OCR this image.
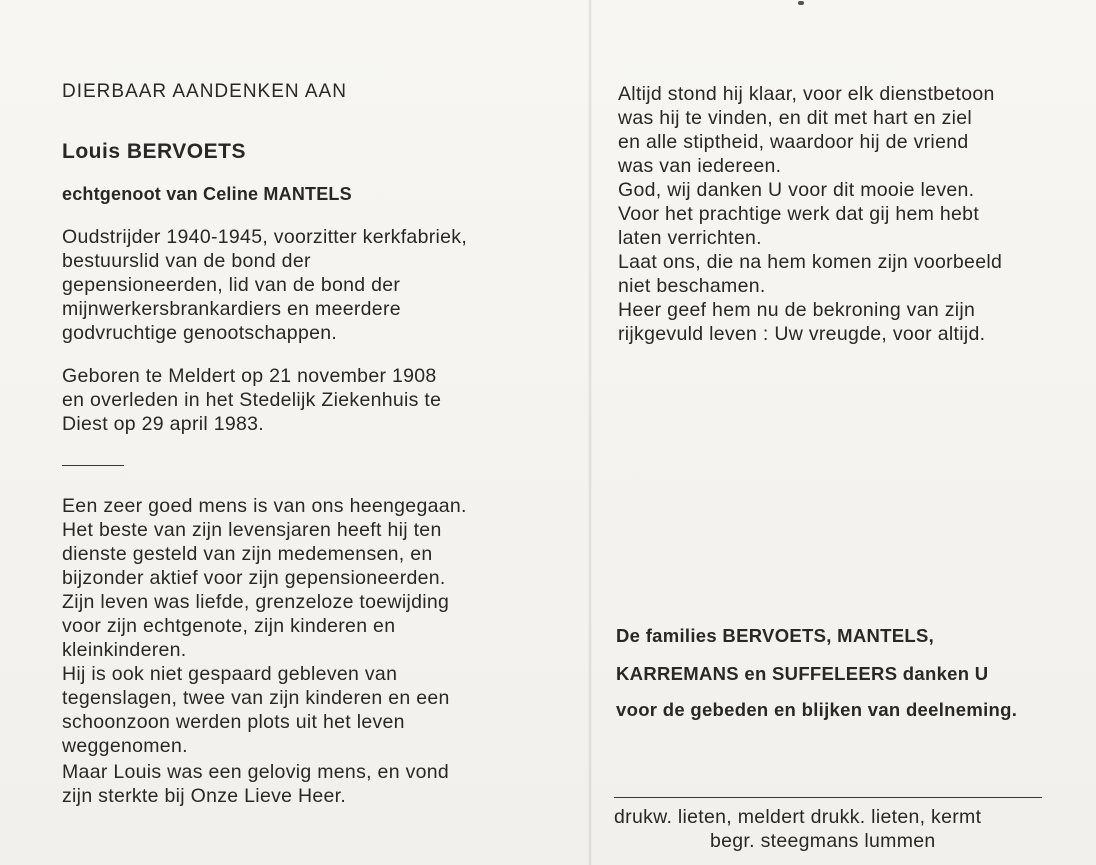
DIERBAAR AANDENKEN AAN
Louis BERVOETS
echtgenoot van Celine MANTELS
Oudstrijder 1940-1945, voorzitter kerkfabriek,
bestuurslid van de bond der
gepensioneerden, lid van de bond der
mijnwerkersbrankardiers en meerdere
godvruchtige genootschappen.
Geboren te Meldert op 21 november 1908
en overleden in het Stedelijk Ziekenhuis te
Diest op 29 april 1983.
Een zeer goed mens is van ons heengegaan.
Het beste van zijn levensjaren heeft hij ten
dienste gesteld van zijn medemensen, en
bijzonder aktief voor zijn gepensioneerden.
Zijn leven was liefde, grenzeloze toewijding
voor zijn echtgenote, zijn kinderen en
kleinkinderen.
Hij is ook niet gespaard gebleven van
tegenslagen, twee van zijn kinderen en een
schoonzoon werden plots uit het leven
weggenomen.
Maar Louis was een gelovig mens, en vond
zijn sterkte bij Onze Lieve Heer.
Altijd stond hij klaar, voor elk dienstbetoon
was hij te vinden, en dit met hart en ziel
en alle stiptheid, waardoor hij de vriend
was van iedereen.
God, wij danken U voor dit mooie leven.
Voor het prachtige werk dat gij hem hebt
laten verrichten.
Laat ons, die na hem komen zijn voorbeeld
niet beschamen.
Heer geef hem nu de bekroning van zijn
rijkgevuld leven : Uw vreugde, voor altijd.
De families BERVOETS, MANTELS,
KARREMANS en SUFFELEERS danken U
voor de gebeden en blijken van deelneming.
drukw. lieten, meldert drukk. lieten, kermt
begr. steegmans lummen
